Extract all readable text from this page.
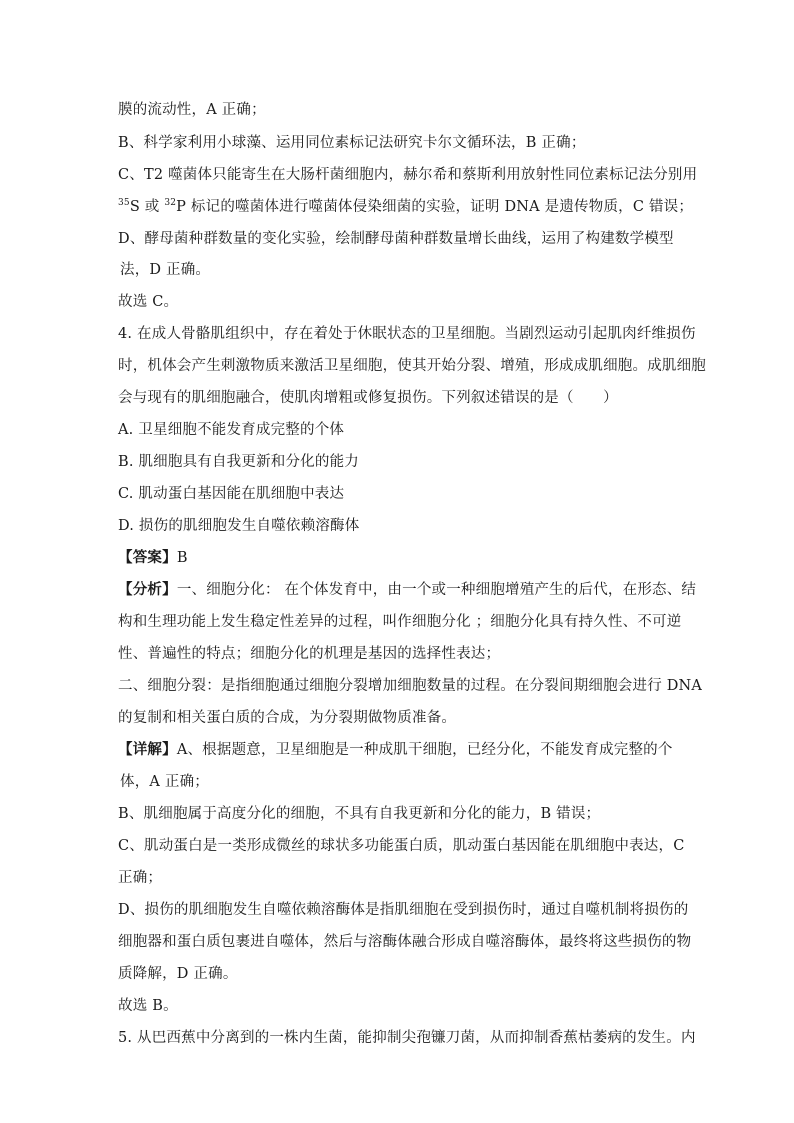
膜的流动性，A 正确；
B、科学家利用小球藻、运用同位素标记法研究卡尔文循环法，B 正确；
C、T2 噬菌体只能寄生在大肠杆菌细胞内，赫尔希和蔡斯利用放射性同位素标记法分别用
$^{35}$S 或 $^{32}$P 标记的噬菌体进行噬菌体侵染细菌的实验，证明 DNA 是遗传物质，C 错误；
D、酵母菌种群数量的变化实验，绘制酵母菌种群数量增长曲线，运用了构建数学模型
法，D 正确。
故选 C。
4. 在成人骨骼肌组织中，存在着处于休眠状态的卫星细胞。当剧烈运动引起肌肉纤维损伤
时，机体会产生刺激物质来激活卫星细胞，使其开始分裂、增殖，形成成肌细胞。成肌细胞
会与现有的肌细胞融合，使肌肉增粗或修复损伤。下列叙述错误的是（　　）
A. 卫星细胞不能发育成完整的个体
B. 肌细胞具有自我更新和分化的能力
C. 肌动蛋白基因能在肌细胞中表达
D. 损伤的肌细胞发生自噬依赖溶酶体
【答案】B
【分析】一、细胞分化： 在个体发育中，由一个或一种细胞增殖产生的后代，在形态、结
构和生理功能上发生稳定性差异的过程，叫作细胞分化 ；细胞分化具有持久性、不可逆
性、普遍性的特点；细胞分化的机理是基因的选择性表达；
二、细胞分裂：是指细胞通过细胞分裂增加细胞数量的过程。在分裂间期细胞会进行 DNA
的复制和相关蛋白质的合成，为分裂期做物质准备。
【详解】A、根据题意，卫星细胞是一种成肌干细胞，已经分化，不能发育成完整的个
体，A 正确；
B、肌细胞属于高度分化的细胞，不具有自我更新和分化的能力，B 错误；
C、肌动蛋白是一类形成微丝的球状多功能蛋白质，肌动蛋白基因能在肌细胞中表达，C
正确；
D、损伤的肌细胞发生自噬依赖溶酶体是指肌细胞在受到损伤时，通过自噬机制将损伤的
细胞器和蛋白质包裹进自噬体，然后与溶酶体融合形成自噬溶酶体，最终将这些损伤的物
质降解，D 正确。
故选 B。
5. 从巴西蕉中分离到的一株内生菌，能抑制尖孢镰刀菌，从而抑制香蕉枯萎病的发生。内
